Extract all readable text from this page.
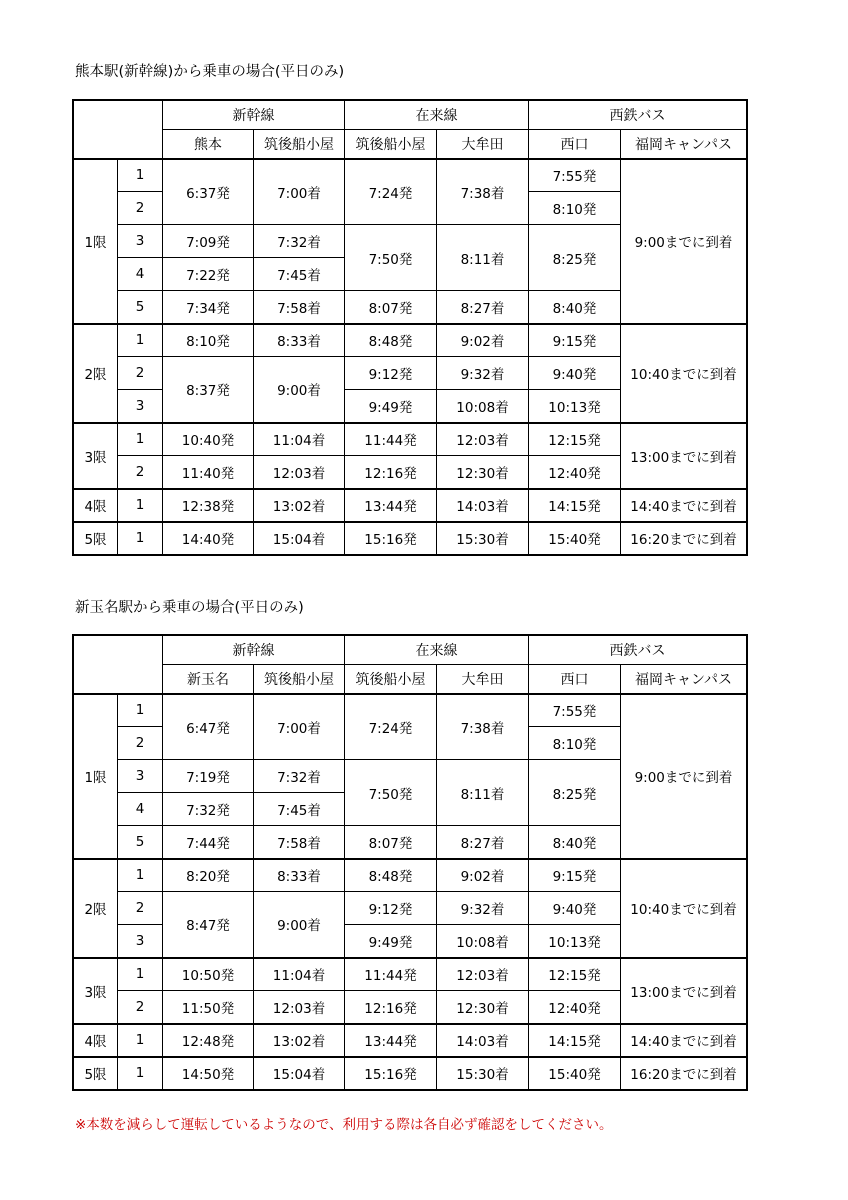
熊本駅(新幹線)から乗車の場合(平日のみ)
新玉名駅から乗車の場合(平日のみ)
		新幹線		在来線		西鉄バス	
		熊本	筑後船小屋	筑後船小屋	大牟田	西口	福岡キャンパス
1限	1	6:37発	7:00着	7:24発	7:38着	7:55発	9:00までに到着
	2					8:10発	
	3	7:09発	7:32着	7:50発	8:11着	8:25発	
	4	7:22発	7:45着				
	5	7:34発	7:58着	8:07発	8:27着	8:40発	
2限	1	8:10発	8:33着	8:48発	9:02着	9:15発	10:40までに到着
	2	8:37発	9:00着	9:12発	9:32着	9:40発	
	3			9:49発	10:08着	10:13発	
3限	1	10:40発	11:04着	11:44発	12:03着	12:15発	13:00までに到着
	2	11:40発	12:03着	12:16発	12:30着	12:40発	
4限	1	12:38発	13:02着	13:44発	14:03着	14:15発	14:40までに到着
5限	1	14:40発	15:04着	15:16発	15:30着	15:40発	16:20までに到着
		新幹線		在来線		西鉄バス	
		新玉名	筑後船小屋	筑後船小屋	大牟田	西口	福岡キャンパス
1限	1	6:47発	7:00着	7:24発	7:38着	7:55発	9:00までに到着
	2					8:10発	
	3	7:19発	7:32着	7:50発	8:11着	8:25発	
	4	7:32発	7:45着				
	5	7:44発	7:58着	8:07発	8:27着	8:40発	
2限	1	8:20発	8:33着	8:48発	9:02着	9:15発	10:40までに到着
	2	8:47発	9:00着	9:12発	9:32着	9:40発	
	3			9:49発	10:08着	10:13発	
3限	1	10:50発	11:04着	11:44発	12:03着	12:15発	13:00までに到着
	2	11:50発	12:03着	12:16発	12:30着	12:40発	
4限	1	12:48発	13:02着	13:44発	14:03着	14:15発	14:40までに到着
5限	1	14:50発	15:04着	15:16発	15:30着	15:40発	16:20までに到着
※本数を減らして運転しているようなので、利用する際は各自必ず確認をしてください。
